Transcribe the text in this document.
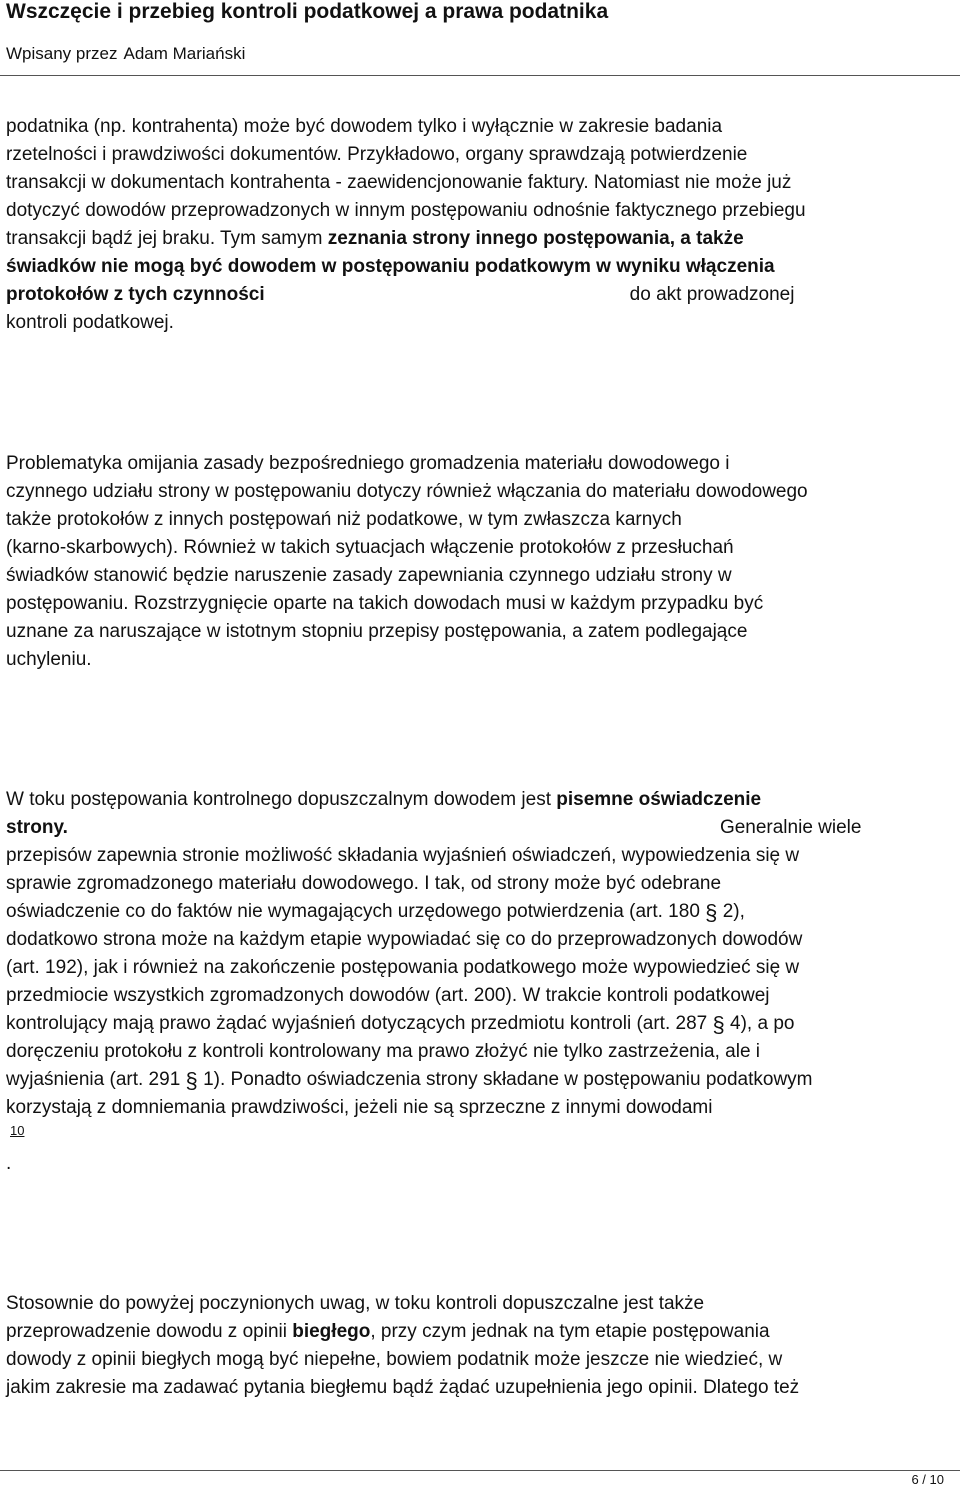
Wszczęcie i przebieg kontroli podatkowej a prawa podatnika
Wpisany przez Adam Mariański
podatnika (np. kontrahenta) może być dowodem tylko i wyłącznie w zakresie badania
rzetelności i prawdziwości dokumentów. Przykładowo, organy sprawdzają potwierdzenie
transakcji w dokumentach kontrahenta - zaewidencjonowanie faktury. Natomiast nie może już
dotyczyć dowodów przeprowadzonych w innym postępowaniu odnośnie faktycznego przebiegu
transakcji bądź jej braku. Tym samym zeznania strony innego postępowania, a także
świadków nie mogą być dowodem w postępowaniu podatkowym w wyniku włączenia
protokołów z tych czynności	do akt prowadzonej
kontroli podatkowej.
Problematyka omijania zasady bezpośredniego gromadzenia materiału dowodowego i
czynnego udziału strony w postępowaniu dotyczy również włączania do materiału dowodowego
także protokołów z innych postępowań niż podatkowe, w tym zwłaszcza karnych
(karno-skarbowych). Również w takich sytuacjach włączenie protokołów z przesłuchań
świadków stanowić będzie naruszenie zasady zapewniania czynnego udziału strony w
postępowaniu. Rozstrzygnięcie oparte na takich dowodach musi w każdym przypadku być
uznane za naruszające w istotnym stopniu przepisy postępowania, a zatem podlegające
uchyleniu.
W toku postępowania kontrolnego dopuszczalnym dowodem jest pisemne oświadczenie
strony.	Generalnie wiele
przepisów zapewnia stronie możliwość składania wyjaśnień oświadczeń, wypowiedzenia się w
sprawie zgromadzonego materiału dowodowego. I tak, od strony może być odebrane
oświadczenie co do faktów nie wymagających urzędowego potwierdzenia (art. 180 § 2),
dodatkowo strona może na każdym etapie wypowiadać się co do przeprowadzonych dowodów
(art. 192), jak i również na zakończenie postępowania podatkowego może wypowiedzieć się w
przedmiocie wszystkich zgromadzonych dowodów (art. 200). W trakcie kontroli podatkowej
kontrolujący mają prawo żądać wyjaśnień dotyczących przedmiotu kontroli (art. 287 § 4), a po
doręczeniu protokołu z kontroli kontrolowany ma prawo złożyć nie tylko zastrzeżenia, ale i
wyjaśnienia (art. 291 § 1). Ponadto oświadczenia strony składane w postępowaniu podatkowym
korzystają z domniemania prawdziwości, jeżeli nie są sprzeczne z innymi dowodami
10
.
Stosownie do powyżej poczynionych uwag, w toku kontroli dopuszczalne jest także
przeprowadzenie dowodu z opinii biegłego, przy czym jednak na tym etapie postępowania
dowody z opinii biegłych mogą być niepełne, bowiem podatnik może jeszcze nie wiedzieć, w
jakim zakresie ma zadawać pytania biegłemu bądź żądać uzupełnienia jego opinii. Dlatego też
6 / 10
